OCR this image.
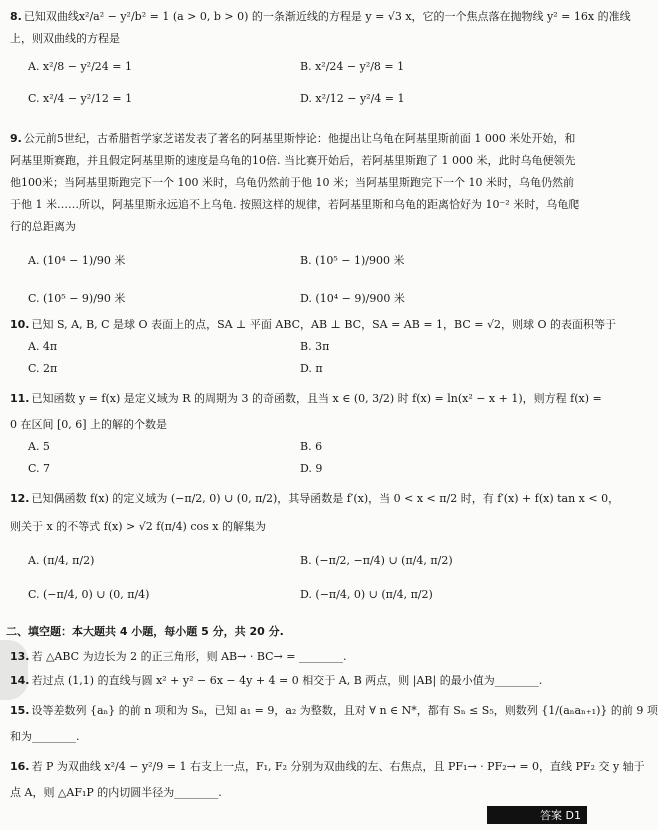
8. 已知双曲线x²/a² − y²/b² = 1 (a > 0, b > 0) 的一条渐近线的方程是 y = √3 x，它的一个焦点落在抛物线 y² = 16x 的准线
上，则双曲线的方程是
A. x²/8 − y²/24 = 1	B. x²/24 − y²/8 = 1
C. x²/4 − y²/12 = 1	D. x²/12 − y²/4 = 1
9. 公元前5世纪，古希腊哲学家芝诺发表了著名的阿基里斯悖论：他提出让乌龟在阿基里斯前面 1 000 米处开始，和阿基里斯赛跑，并且假定阿基里斯的速度是乌龟的10倍. 当比赛开始后，若阿基里斯跑了 1 000 米，此时乌龟便领先他100米；当阿基里斯跑完下一个 100 米时，乌龟仍然前于他 10 米；当阿基里斯跑完下一个 10 米时，乌龟仍然前于他 1 米……所以，阿基里斯永远追不上乌龟. 按照这样的规律，若阿基里斯和乌龟的距离恰好为 10⁻² 米时，乌龟爬行的总距离为
A. (10⁴ − 1)/90 米	B. (10⁵ − 1)/900 米
C. (10⁵ − 9)/90 米	D. (10⁴ − 9)/900 米
10. 已知 S, A, B, C 是球 O 表面上的点，SA ⊥ 平面 ABC，AB ⊥ BC，SA = AB = 1，BC = √2，则球 O 的表面积等于
A. 4π	B. 3π
C. 2π	D. π
11. 已知函数 y = f(x) 是定义域为 R 的周期为 3 的奇函数，且当 x ∈ (0, 3/2) 时 f(x) = ln(x² − x + 1)，则方程 f(x) =
0 在区间 [0, 6] 上的解的个数是
A. 5	B. 6
C. 7	D. 9
12. 已知偶函数 f(x) 的定义域为 (−π/2, 0) ∪ (0, π/2)，其导函数是 f′(x)，当 0 < x < π/2 时，有 f′(x) + f(x) tan x < 0，
则关于 x 的不等式 f(x) > √2 f(π/4) cos x 的解集为
A. (π/4, π/2)	B. (−π/2, −π/4) ∪ (π/4, π/2)
C. (−π/4, 0) ∪ (0, π/4)	D. (−π/4, 0) ∪ (π/4, π/2)
二、填空题：本大题共 4 小题，每小题 5 分，共 20 分.
13. 若 △ABC 为边长为 2 的正三角形，则 AB→ · BC→ = ________.
14. 若过点 (1,1) 的直线与圆 x² + y² − 6x − 4y + 4 = 0 相交于 A, B 两点，则 |AB| 的最小值为________.
15. 设等差数列 {aₙ} 的前 n 项和为 Sₙ，已知 a₁ = 9，a₂ 为整数，且对 ∀ n ∈ N*，都有 Sₙ ≤ S₅，则数列 {1/(aₙaₙ₊₁)} 的前 9 项
和为________.
16. 若 P 为双曲线 x²/4 − y²/9 = 1 右支上一点，F₁, F₂ 分别为双曲线的左、右焦点，且 PF₁→ · PF₂→ = 0，直线 PF₂ 交 y 轴于
点 A，则 △AF₁P 的内切圆半径为________.
答案 D1
